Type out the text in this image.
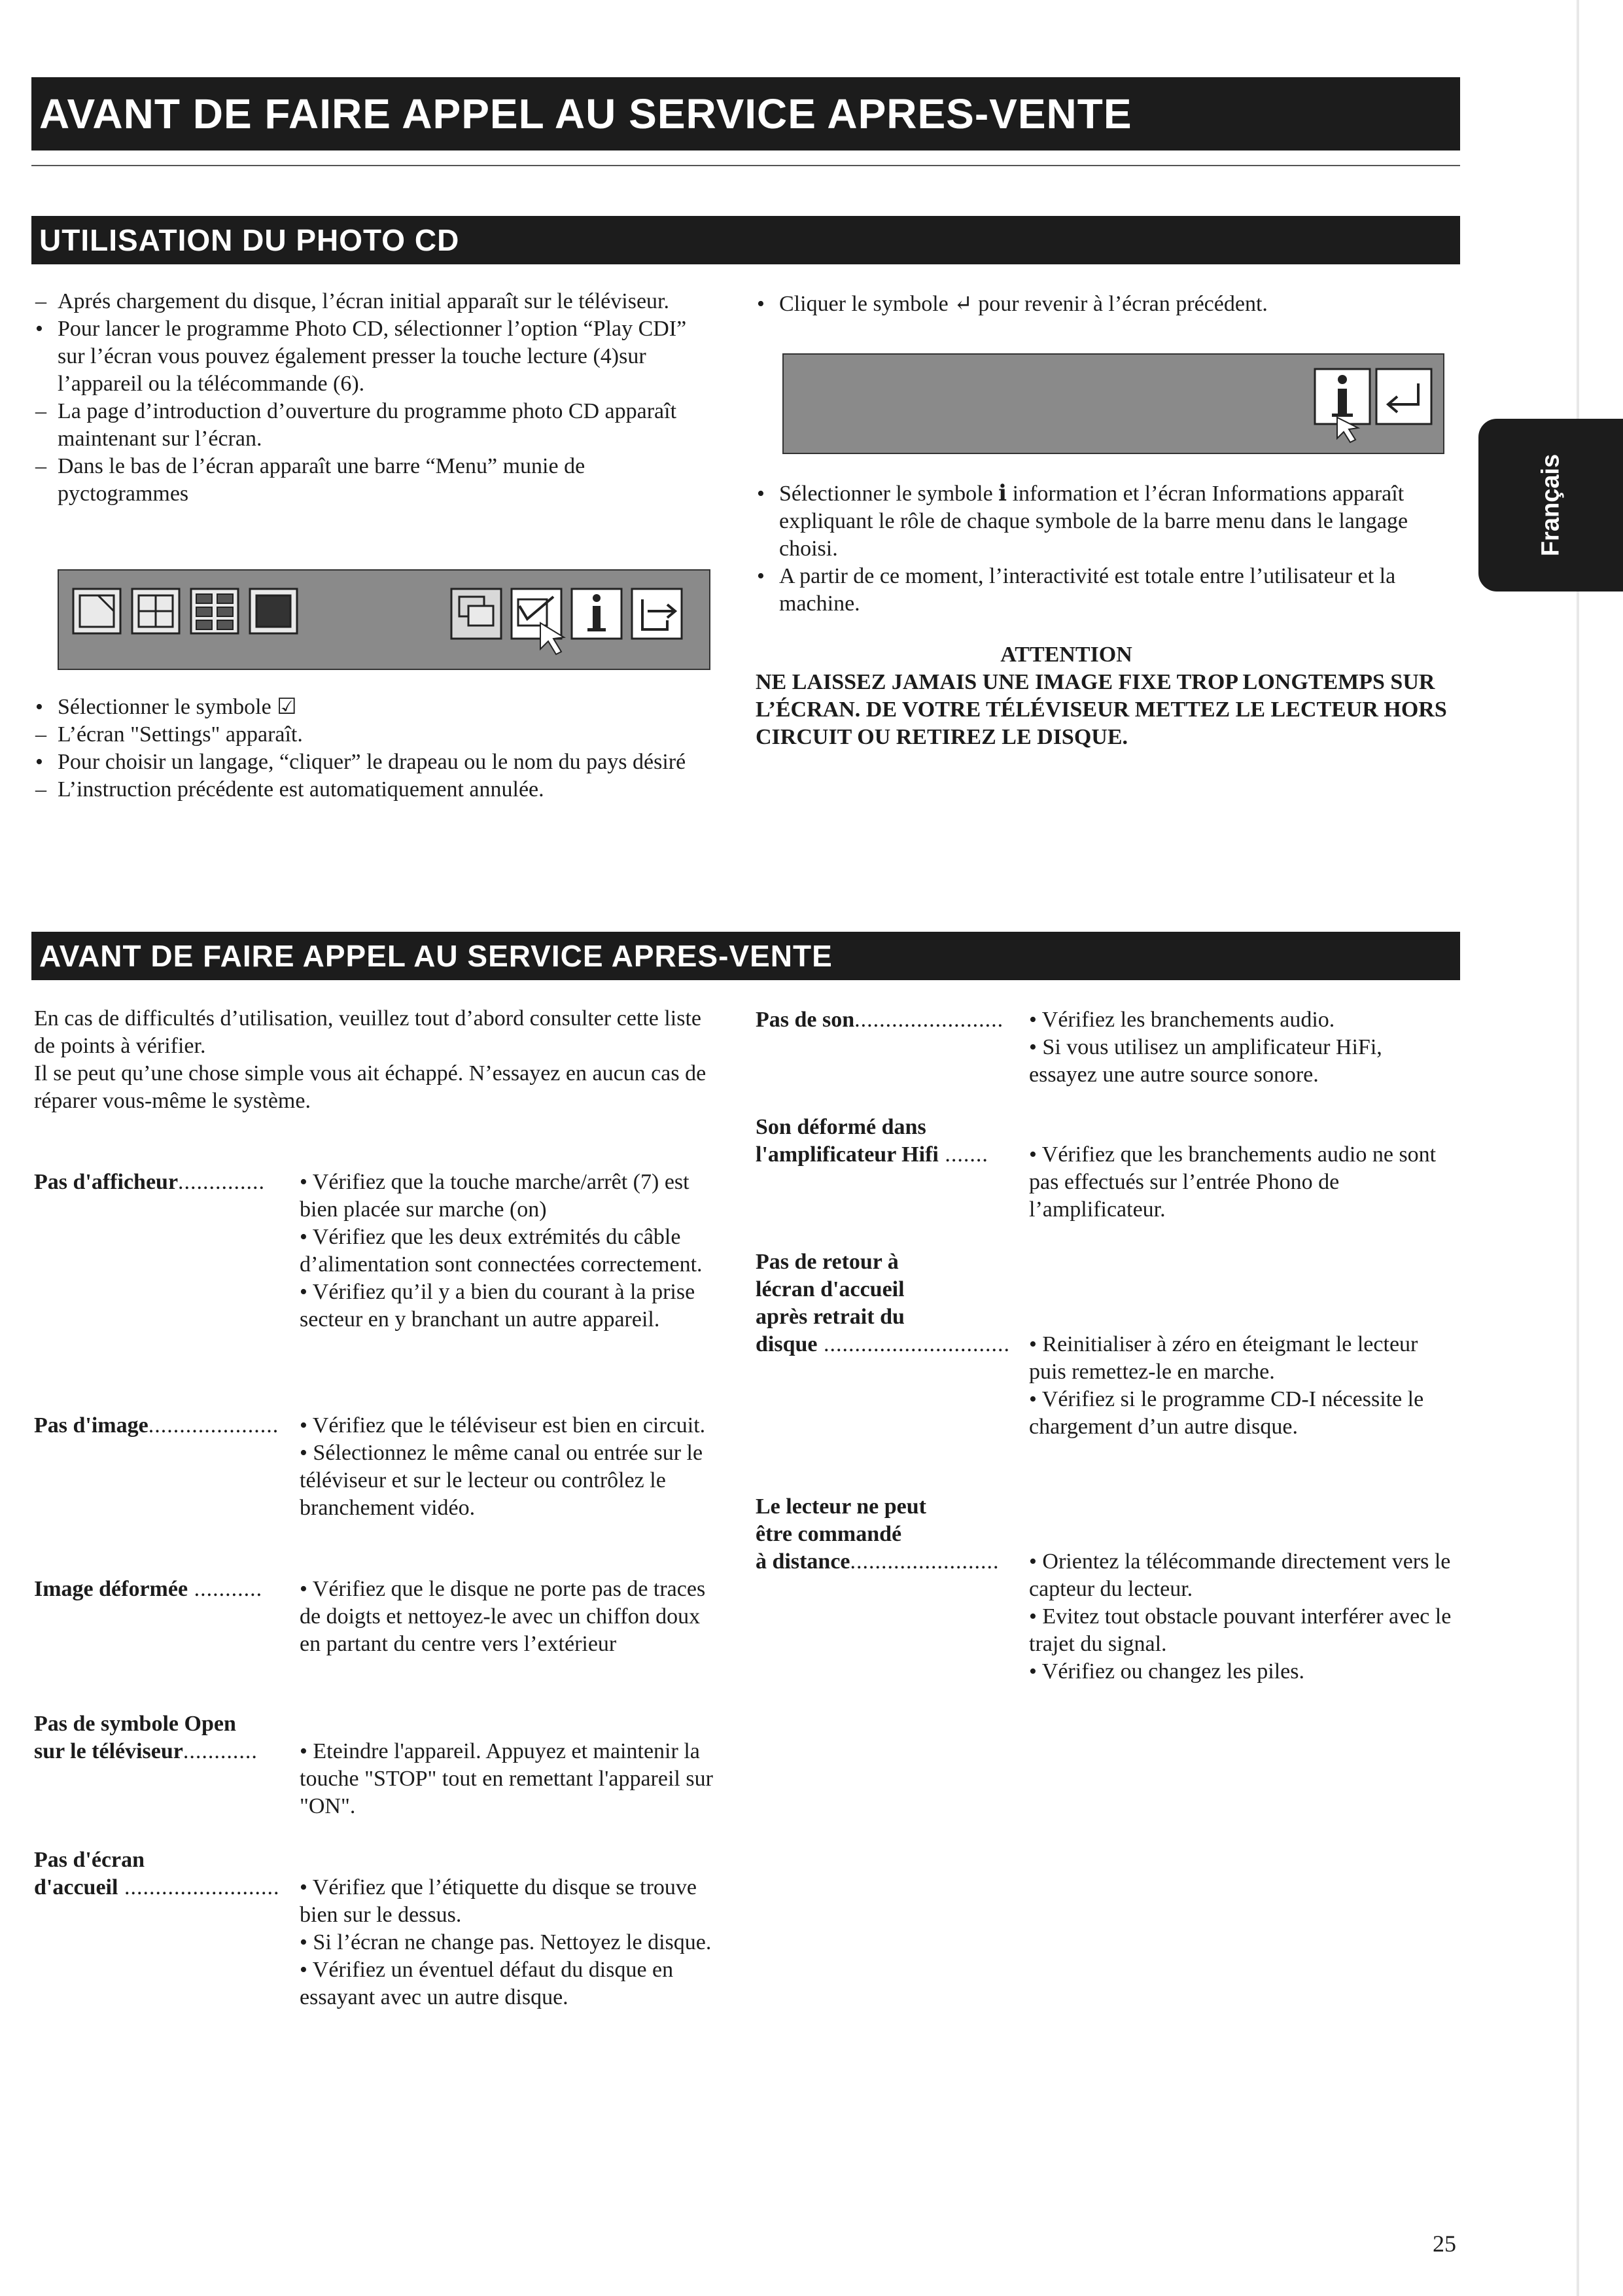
AVANT DE FAIRE APPEL AU SERVICE APRES-VENTE
Français
UTILISATION DU PHOTO CD

– Aprés chargement du disque, l’écran initial apparaît sur le téléviseur.

• Pour lancer le programme Photo CD, sélectionner l’option “Play CDI” sur l’écran vous pouvez également presser la touche lecture (4)sur l’appareil ou la télécommande (6).

– La page d’introduction d’ouverture du programme photo CD apparaît maintenant sur l’écran.

– Dans le bas de l’écran apparaît une barre “Menu” munie de pyctogrammes

• Sélectionner le symbole ☑

– L’écran "Settings" apparaît.

• Pour choisir un langage, “cliquer” le drapeau ou le nom du pays désiré

– L’instruction précédente est automatiquement annulée.

• Cliquer le symbole ↵ pour revenir à l’écran précédent.

• Sélectionner le symbole ℹ information et l’écran Informations apparaît expliquant le rôle de chaque symbole de la barre menu dans le langage choisi.

• A partir de ce moment, l’interactivité est totale entre l’utilisateur et la machine.

ATTENTION
NE LAISSEZ JAMAIS UNE IMAGE FIXE TROP LONGTEMPS SUR L’ÉCRAN. DE VOTRE TÉLÉVISEUR METTEZ LE LECTEUR HORS CIRCUIT OU RETIREZ LE DISQUE.
AVANT DE FAIRE APPEL AU SERVICE APRES-VENTE
En cas de difficultés d’utilisation, veuillez tout d’abord consulter cette liste de points à vérifier.
Il se peut qu’une chose simple vous ait échappé. N’essayez en aucun cas de réparer vous-même le système.
Pas d'afficheur.............. • Vérifiez que la touche marche/arrêt (7) est bien placée sur marche (on)
• Vérifiez que les deux extrémités du câble d’alimentation sont connectées correctement.
• Vérifiez qu’il y a bien du courant à la prise secteur en y branchant un autre appareil.
Pas d'image..................... • Vérifiez que le téléviseur est bien en circuit.
• Sélectionnez le même canal ou entrée sur le téléviseur et sur le lecteur ou contrôlez le branchement vidéo.
Image déformée ........... • Vérifiez que le disque ne porte pas de traces de doigts et nettoyez-le avec un chiffon doux en partant du centre vers l’extérieur
Pas de symbole Open
sur le téléviseur............ • Eteindre l'appareil. Appuyez et maintenir la touche "STOP" tout en remettant l'appareil sur "ON".
Pas d'écran
d'accueil ......................... • Vérifiez que l’étiquette du disque se trouve bien sur le dessus.
• Si l’écran ne change pas. Nettoyez le disque.
• Vérifiez un éventuel défaut du disque en essayant avec un autre disque.
Pas de son........................ • Vérifiez les branchements audio.
• Si vous utilisez un amplificateur HiFi, essayez une autre source sonore.
Son déformé dans
l'amplificateur Hifi ....... • Vérifiez que les branchements audio ne sont pas effectués sur l’entrée Phono de l’amplificateur.
Pas de retour à
lécran d'accueil
après retrait du
disque .............................. • Reinitialiser à zéro en éteigmant le lecteur puis remettez-le en marche.
• Vérifiez si le programme CD-I nécessite le chargement d’un autre disque.
Le lecteur ne peut
être commandé
à distance........................ • Orientez la télécommande directement vers le capteur du lecteur.
• Evitez tout obstacle pouvant interférer avec le trajet du signal.
• Vérifiez ou changez les piles.
25
